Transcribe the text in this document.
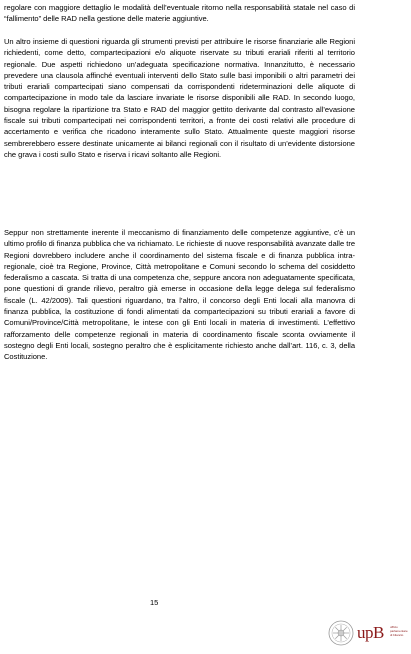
regolare con maggiore dettaglio le modalità dell’eventuale ritorno nella responsabilità statale nel caso di “fallimento” delle RAD nella gestione delle materie aggiuntive.

Un altro insieme di questioni riguarda gli strumenti previsti per attribuire le risorse finanziarie alle Regioni richiedenti, come detto, compartecipazioni e/o aliquote riservate su tributi erariali riferiti al territorio regionale. Due aspetti richiedono un’adeguata specificazione normativa. Innanzitutto, è necessario prevedere una clausola affinché eventuali interventi dello Stato sulle basi imponibili o altri parametri dei tributi erariali compartecipati siano compensati da corrispondenti rideterminazioni delle aliquote di compartecipazione in modo tale da lasciare invariate le risorse disponibili alle RAD. In secondo luogo, bisogna regolare la ripartizione tra Stato e RAD del maggior gettito derivante dal contrasto all’evasione fiscale sui tributi compartecipati nei corrispondenti territori, a fronte dei costi relativi alle procedure di accertamento e verifica che ricadono interamente sullo Stato. Attualmente queste maggiori risorse sembrerebbero essere destinate unicamente ai bilanci regionali con il risultato di un’evidente distorsione che grava i costi sullo Stato e riserva i ricavi soltanto alle Regioni.

Seppur non strettamente inerente il meccanismo di finanziamento delle competenze aggiuntive, c’è un ultimo profilo di finanza pubblica che va richiamato. Le richieste di nuove responsabilità avanzate dalle tre Regioni dovrebbero includere anche il coordinamento del sistema fiscale e di finanza pubblica intra-regionale, cioè tra Regione, Province, Città metropolitane e Comuni secondo lo schema del cosiddetto federalismo a cascata. Si tratta di una competenza che, seppure ancora non adeguatamente specificata, pone questioni di grande rilievo, peraltro già emerse in occasione della legge delega sul federalismo fiscale (L. 42/2009). Tali questioni riguardano, tra l’altro, il concorso degli Enti locali alla manovra di finanza pubblica, la costituzione di fondi alimentati da compartecipazioni su tributi erariali a favore di Comuni/Province/Città metropolitane, le intese con gli Enti locali in materia di investimenti. L’effettivo rafforzamento delle competenze regionali in materia di coordinamento fiscale sconta ovviamente il sostegno degli Enti locali, sostegno peraltro che è esplicitamente richiesto anche dall’art. 116, c. 3, della Costituzione.

15
upB ufficio parlamentare di bilancio
